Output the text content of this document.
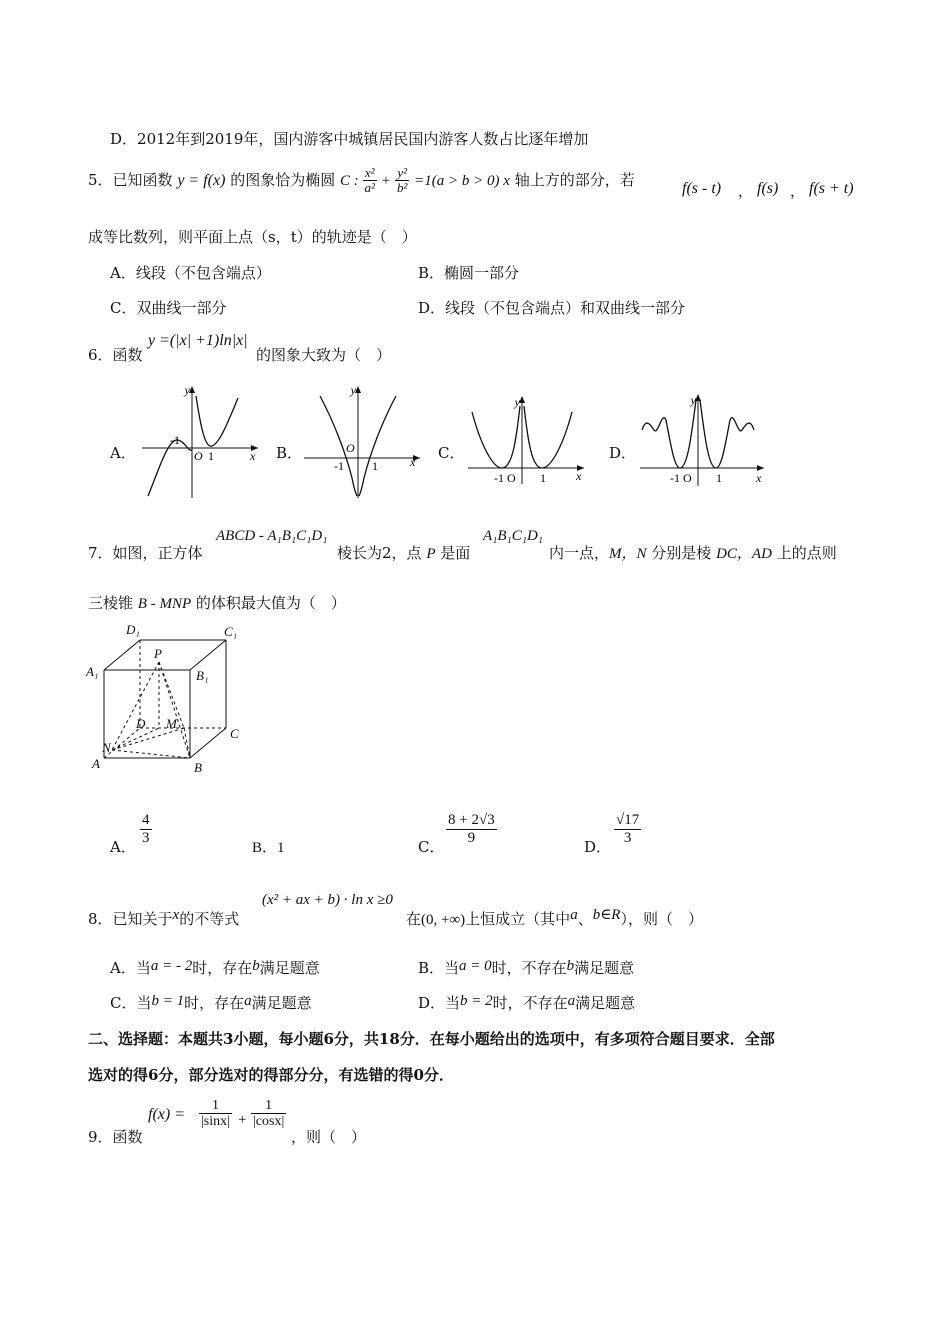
D．2012年到2019年，国内游客中城镇居民国内游客人数占比逐年增加
5．已知函数 y = f(x) 的图象恰为椭圆 C : $\frac{\text{x²}}{\text{a²}} + \frac{\text{y²}}{\text{b²}} =1(a > b > 0)$ x 轴上方的部分，若	f(s - t) ， f(s) ， f(s + t)
成等比数列，则平面上点（s，t）的轨迹是（　）
A．线段（不包含端点）	B．椭圆一部分
C．双曲线一部分	D．线段（不包含端点）和双曲线一部分
6．函数
y =(|x| +1)ln|x|
的图象大致为（　）
A．	B．	C．	D．
y
x
-1
O 1
y
x
O
-1 1
y
x
-1 O 1
y
x
-1 O 1
7．如图，正方体
ABCD - A₁B₁C₁D₁
棱长为2，点 P 是面
A₁B₁C₁D₁
内一点，M，N 分别是棱 DC，AD 上的点则
三棱锥 B - MNP 的体积最大值为（　）
D₁	C₁
A₁	B₁
P
D M
C
N
A	B
A．
$\frac{4}{3}$
B．1	C．
$\frac{8 + 2√3}{9}$
D．
$\frac{√17}{3}$
8．已知关于x的不等式
(x² + ax + b) · ln x ≥0
在(0, +∞)上恒成立（其中a、b∈R），则（　）
A．当a = - 2时，存在b满足题意	B．当a = 0时，不存在b满足题意
C．当b = 1时，存在a满足题意	D．当b = 2时，不存在a满足题意
二、选择题：本题共3小题，每小题6分，共18分．在每小题给出的选项中，有多项符合题目要求．全部
选对的得6分，部分选对的得部分分，有选错的得0分．
9．函数
$f(x) = \frac{1}{|\sin x|} + \frac{1}{|\cos x|}$
，则（　）
